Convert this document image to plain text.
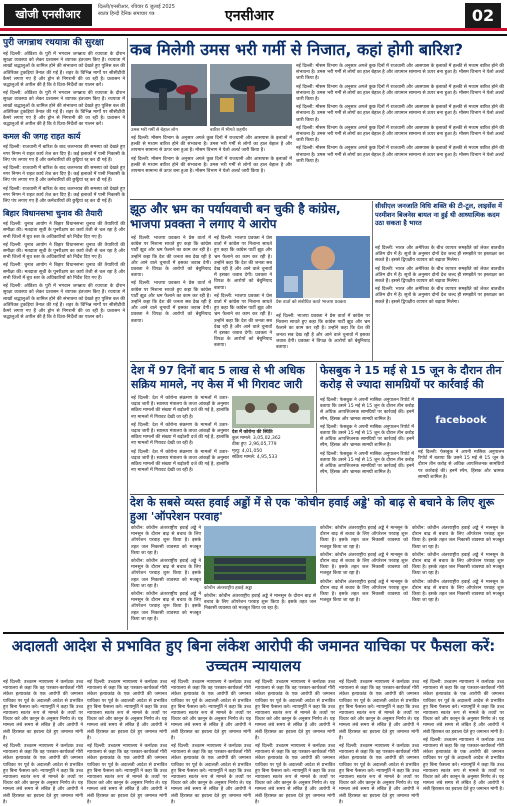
खोजी एनसीआर
दिल्ली/एनसीआर, रविवार 6 जुलाई 2025
स्वतंत्र हिन्दी दैनिक समाचार पत्र	एनसीआर	02
पुरी जगन्नाथ रथयात्रा की सुरक्षा

नई दिल्ली: ओडिशा के पुरी में भगवान जगन्नाथ की रथयात्रा के दौरान सुरक्षा व्यवस्था को लेकर प्रशासन ने व्यापक इंतजाम किए हैं। रथयात्रा में लाखों श्रद्धालुओं के शामिल होने की संभावना को देखते हुए पुलिस बल की अतिरिक्त टुकड़ियां तैनात की गई हैं। शहर के विभिन्न मार्गों पर सीसीटीवी कैमरे लगाए गए हैं और ड्रोन से निगरानी की जा रही है। प्रशासन ने श्रद्धालुओं से अपील की है कि वे दिशा-निर्देशों का पालन करें।

नई दिल्ली: ओडिशा के पुरी में भगवान जगन्नाथ की रथयात्रा के दौरान सुरक्षा व्यवस्था को लेकर प्रशासन ने व्यापक इंतजाम किए हैं। रथयात्रा में लाखों श्रद्धालुओं के शामिल होने की संभावना को देखते हुए पुलिस बल की अतिरिक्त टुकड़ियां तैनात की गई हैं। शहर के विभिन्न मार्गों पर सीसीटीवी कैमरे लगाए गए हैं और ड्रोन से निगरानी की जा रही है। प्रशासन ने श्रद्धालुओं से अपील की है कि वे दिशा-निर्देशों का पालन करें।

कमल की जगह राहत कार्य

नई दिल्ली: राजधानी में बारिश के बाद जलभराव की समस्या को देखते हुए नगर निगम ने राहत कार्य तेज कर दिए हैं। कई इलाकों में पानी निकासी के लिए पंप लगाए गए हैं और कर्मचारियों की छुट्टियां रद्द कर दी गई हैं।

नई दिल्ली: राजधानी में बारिश के बाद जलभराव की समस्या को देखते हुए नगर निगम ने राहत कार्य तेज कर दिए हैं। कई इलाकों में पानी निकासी के लिए पंप लगाए गए हैं और कर्मचारियों की छुट्टियां रद्द कर दी गई हैं।

नई दिल्ली: राजधानी में बारिश के बाद जलभराव की समस्या को देखते हुए नगर निगम ने राहत कार्य तेज कर दिए हैं। कई इलाकों में पानी निकासी के लिए पंप लगाए गए हैं और कर्मचारियों की छुट्टियां रद्द कर दी गई हैं।

बिहार विधानसभा चुनाव की तैयारी

नई दिल्ली: चुनाव आयोग ने बिहार विधानसभा चुनाव की तैयारियों की समीक्षा की। मतदाता सूची के पुनरीक्षण का कार्य तेजी से चल रहा है और सभी जिलों में बूथ स्तर के अधिकारियों को निर्देश दिए गए हैं।

नई दिल्ली: चुनाव आयोग ने बिहार विधानसभा चुनाव की तैयारियों की समीक्षा की। मतदाता सूची के पुनरीक्षण का कार्य तेजी से चल रहा है और सभी जिलों में बूथ स्तर के अधिकारियों को निर्देश दिए गए हैं।

नई दिल्ली: चुनाव आयोग ने बिहार विधानसभा चुनाव की तैयारियों की समीक्षा की। मतदाता सूची के पुनरीक्षण का कार्य तेजी से चल रहा है और सभी जिलों में बूथ स्तर के अधिकारियों को निर्देश दिए गए हैं।

नई दिल्ली: ओडिशा के पुरी में भगवान जगन्नाथ की रथयात्रा के दौरान सुरक्षा व्यवस्था को लेकर प्रशासन ने व्यापक इंतजाम किए हैं। रथयात्रा में लाखों श्रद्धालुओं के शामिल होने की संभावना को देखते हुए पुलिस बल की अतिरिक्त टुकड़ियां तैनात की गई हैं। शहर के विभिन्न मार्गों पर सीसीटीवी कैमरे लगाए गए हैं और ड्रोन से निगरानी की जा रही है। प्रशासन ने श्रद्धालुओं से अपील की है कि वे दिशा-निर्देशों का पालन करें।

कब मिलेगी उमस भरी गर्मी से निजात, कहां होगी बारिश?
उमस भरी गर्मी से बेहाल लोग	बारिश में भीगते राहगीर

नई दिल्ली: मौसम विभाग के अनुसार अगले कुछ दिनों में राजधानी और आसपास के इलाकों में हल्की से मध्यम बारिश होने की संभावना है। उमस भरी गर्मी से लोगों का हाल बेहाल है और तापमान सामान्य से ऊपर बना हुआ है। मौसम विभाग ने येलो अलर्ट जारी किया है।

नई दिल्ली: मौसम विभाग के अनुसार अगले कुछ दिनों में राजधानी और आसपास के इलाकों में हल्की से मध्यम बारिश होने की संभावना है। उमस भरी गर्मी से लोगों का हाल बेहाल है और तापमान सामान्य से ऊपर बना हुआ है। मौसम विभाग ने येलो अलर्ट जारी किया है।

नई दिल्ली: मौसम विभाग के अनुसार अगले कुछ दिनों में राजधानी और आसपास के इलाकों में हल्की से मध्यम बारिश होने की संभावना है। उमस भरी गर्मी से लोगों का हाल बेहाल है और तापमान सामान्य से ऊपर बना हुआ है। मौसम विभाग ने येलो अलर्ट जारी किया है।

नई दिल्ली: मौसम विभाग के अनुसार अगले कुछ दिनों में राजधानी और आसपास के इलाकों में हल्की से मध्यम बारिश होने की संभावना है। उमस भरी गर्मी से लोगों का हाल बेहाल है और तापमान सामान्य से ऊपर बना हुआ है। मौसम विभाग ने येलो अलर्ट जारी किया है।

नई दिल्ली: मौसम विभाग के अनुसार अगले कुछ दिनों में राजधानी और आसपास के इलाकों में हल्की से मध्यम बारिश होने की संभावना है। उमस भरी गर्मी से लोगों का हाल बेहाल है और तापमान सामान्य से ऊपर बना हुआ है। मौसम विभाग ने येलो अलर्ट जारी किया है।

नई दिल्ली: मौसम विभाग के अनुसार अगले कुछ दिनों में राजधानी और आसपास के इलाकों में हल्की से मध्यम बारिश होने की संभावना है। उमस भरी गर्मी से लोगों का हाल बेहाल है और तापमान सामान्य से ऊपर बना हुआ है। मौसम विभाग ने येलो अलर्ट जारी किया है।

नई दिल्ली: मौसम विभाग के अनुसार अगले कुछ दिनों में राजधानी और आसपास के इलाकों में हल्की से मध्यम बारिश होने की संभावना है। उमस भरी गर्मी से लोगों का हाल बेहाल है और तापमान सामान्य से ऊपर बना हुआ है। मौसम विभाग ने येलो अलर्ट जारी किया है।

झूठ और भ्रम का पर्यायवाची बन चुकी है कांग्रेस, भाजपा प्रवक्ता ने लगाए ये आरोप

नई दिल्ली: भाजपा प्रवक्ता ने प्रेस वार्ता में कांग्रेस पर निशाना साधते हुए कहा कि कांग्रेस पार्टी झूठ और भ्रम फैलाने का काम कर रही है। उन्होंने कहा कि देश की जनता सब देख रही है और आने वाले चुनावों में इसका जवाब देगी। प्रवक्ता ने विपक्ष के आरोपों को बेबुनियाद बताया।

नई दिल्ली: भाजपा प्रवक्ता ने प्रेस वार्ता में कांग्रेस पर निशाना साधते हुए कहा कि कांग्रेस पार्टी झूठ और भ्रम फैलाने का काम कर रही है। उन्होंने कहा कि देश की जनता सब देख रही है और आने वाले चुनावों में इसका जवाब देगी। प्रवक्ता ने विपक्ष के आरोपों को बेबुनियाद बताया।

नई दिल्ली: भाजपा प्रवक्ता ने प्रेस वार्ता में कांग्रेस पर निशाना साधते हुए कहा कि कांग्रेस पार्टी झूठ और भ्रम फैलाने का काम कर रही है। उन्होंने कहा कि देश की जनता सब देख रही है और आने वाले चुनावों में इसका जवाब देगी। प्रवक्ता ने विपक्ष के आरोपों को बेबुनियाद बताया।

नई दिल्ली: भाजपा प्रवक्ता ने प्रेस वार्ता में कांग्रेस पर निशाना साधते हुए कहा कि कांग्रेस पार्टी झूठ और भ्रम फैलाने का काम कर रही है। उन्होंने कहा कि देश की जनता सब देख रही है और आने वाले चुनावों में इसका जवाब देगी। प्रवक्ता ने विपक्ष के आरोपों को बेबुनियाद बताया।

प्रेस वार्ता को संबोधित करते भाजपा प्रवक्ता

नई दिल्ली: भाजपा प्रवक्ता ने प्रेस वार्ता में कांग्रेस पर निशाना साधते हुए कहा कि कांग्रेस पार्टी झूठ और भ्रम फैलाने का काम कर रही है। उन्होंने कहा कि देश की जनता सब देख रही है और आने वाले चुनावों में इसका जवाब देगी। प्रवक्ता ने विपक्ष के आरोपों को बेबुनियाद बताया।

सीसीएल जनजाति विधि शक्ति की टी-टूल, लाइसेंस में परमीशन बिजनेस बायल ना हुई थी आध्यात्मिक कदम उठा सकता है भारत

नई दिल्ली: भारत और अमेरिका के बीच व्यापार समझौते को लेकर बातचीत अंतिम दौर में है। सूत्रों के अनुसार दोनों देश जल्द ही समझौते पर हस्ताक्षर कर सकते हैं। इससे द्विपक्षीय व्यापार को बढ़ावा मिलेगा।

नई दिल्ली: भारत और अमेरिका के बीच व्यापार समझौते को लेकर बातचीत अंतिम दौर में है। सूत्रों के अनुसार दोनों देश जल्द ही समझौते पर हस्ताक्षर कर सकते हैं। इससे द्विपक्षीय व्यापार को बढ़ावा मिलेगा।

नई दिल्ली: भारत और अमेरिका के बीच व्यापार समझौते को लेकर बातचीत अंतिम दौर में है। सूत्रों के अनुसार दोनों देश जल्द ही समझौते पर हस्ताक्षर कर सकते हैं। इससे द्विपक्षीय व्यापार को बढ़ावा मिलेगा।

देश में 97 दिनों बाद 5 लाख से भी अधिक सक्रिय मामले, नए केस में भी गिरावट जारी

नई दिल्ली: देश में कोरोना संक्रमण के मामलों में उतार-चढ़ाव जारी है। स्वास्थ्य मंत्रालय के ताजा आंकड़ों के अनुसार सक्रिय मामलों की संख्या में बढ़ोतरी दर्ज की गई है, हालांकि नए मामलों में गिरावट देखी जा रही है।

नई दिल्ली: देश में कोरोना संक्रमण के मामलों में उतार-चढ़ाव जारी है। स्वास्थ्य मंत्रालय के ताजा आंकड़ों के अनुसार सक्रिय मामलों की संख्या में बढ़ोतरी दर्ज की गई है, हालांकि नए मामलों में गिरावट देखी जा रही है।

नई दिल्ली: देश में कोरोना संक्रमण के मामलों में उतार-चढ़ाव जारी है। स्वास्थ्य मंत्रालय के ताजा आंकड़ों के अनुसार सक्रिय मामलों की संख्या में बढ़ोतरी दर्ज की गई है, हालांकि नए मामलों में गिरावट देखी जा रही है।

देश में कोरोना की स्थिति
कुल मामले: 3,05,02,362
ठीक हुए: 2,96,05,779
मृत्यु: 4,01,050
सक्रिय मामले: 4,95,533
फेसबुक ने 15 मई से 15 जून के दौरान तीन करोड़ से ज्यादा सामग्रियों पर कार्रवाई की

नई दिल्ली: फेसबुक ने अपनी मासिक अनुपालन रिपोर्ट में बताया कि उसने 15 मई से 15 जून के दौरान तीन करोड़ से अधिक आपत्तिजनक सामग्रियों पर कार्रवाई की। इनमें स्पैम, हिंसक और भ्रामक सामग्री शामिल है।

नई दिल्ली: फेसबुक ने अपनी मासिक अनुपालन रिपोर्ट में बताया कि उसने 15 मई से 15 जून के दौरान तीन करोड़ से अधिक आपत्तिजनक सामग्रियों पर कार्रवाई की। इनमें स्पैम, हिंसक और भ्रामक सामग्री शामिल है।

नई दिल्ली: फेसबुक ने अपनी मासिक अनुपालन रिपोर्ट में बताया कि उसने 15 मई से 15 जून के दौरान तीन करोड़ से अधिक आपत्तिजनक सामग्रियों पर कार्रवाई की। इनमें स्पैम, हिंसक और भ्रामक सामग्री शामिल है।

facebook

नई दिल्ली: फेसबुक ने अपनी मासिक अनुपालन रिपोर्ट में बताया कि उसने 15 मई से 15 जून के दौरान तीन करोड़ से अधिक आपत्तिजनक सामग्रियों पर कार्रवाई की। इनमें स्पैम, हिंसक और भ्रामक सामग्री शामिल है।

देश के सबसे व्यस्त हवाई अड्डों में से एक 'कोचीन हवाई अड्डे' को बाढ़ से बचाने के लिए शुरू हुआ 'ऑपरेशन परवाह'

कोचीन: कोचीन अंतरराष्ट्रीय हवाई अड्डे ने मानसून के दौरान बाढ़ से बचाव के लिए ऑपरेशन परवाह शुरू किया है। इसके तहत जल निकासी व्यवस्था को मजबूत किया जा रहा है।

कोचीन: कोचीन अंतरराष्ट्रीय हवाई अड्डे ने मानसून के दौरान बाढ़ से बचाव के लिए ऑपरेशन परवाह शुरू किया है। इसके तहत जल निकासी व्यवस्था को मजबूत किया जा रहा है।

कोचीन: कोचीन अंतरराष्ट्रीय हवाई अड्डे ने मानसून के दौरान बाढ़ से बचाव के लिए ऑपरेशन परवाह शुरू किया है। इसके तहत जल निकासी व्यवस्था को मजबूत किया जा रहा है।

कोचीन अंतरराष्ट्रीय हवाई अड्डा

कोचीन: कोचीन अंतरराष्ट्रीय हवाई अड्डे ने मानसून के दौरान बाढ़ से बचाव के लिए ऑपरेशन परवाह शुरू किया है। इसके तहत जल निकासी व्यवस्था को मजबूत किया जा रहा है।

कोचीन: कोचीन अंतरराष्ट्रीय हवाई अड्डे ने मानसून के दौरान बाढ़ से बचाव के लिए ऑपरेशन परवाह शुरू किया है। इसके तहत जल निकासी व्यवस्था को मजबूत किया जा रहा है।

कोचीन: कोचीन अंतरराष्ट्रीय हवाई अड्डे ने मानसून के दौरान बाढ़ से बचाव के लिए ऑपरेशन परवाह शुरू किया है। इसके तहत जल निकासी व्यवस्था को मजबूत किया जा रहा है।

कोचीन: कोचीन अंतरराष्ट्रीय हवाई अड्डे ने मानसून के दौरान बाढ़ से बचाव के लिए ऑपरेशन परवाह शुरू किया है। इसके तहत जल निकासी व्यवस्था को मजबूत किया जा रहा है।

कोचीन: कोचीन अंतरराष्ट्रीय हवाई अड्डे ने मानसून के दौरान बाढ़ से बचाव के लिए ऑपरेशन परवाह शुरू किया है। इसके तहत जल निकासी व्यवस्था को मजबूत किया जा रहा है।

कोचीन: कोचीन अंतरराष्ट्रीय हवाई अड्डे ने मानसून के दौरान बाढ़ से बचाव के लिए ऑपरेशन परवाह शुरू किया है। इसके तहत जल निकासी व्यवस्था को मजबूत किया जा रहा है।

कोचीन: कोचीन अंतरराष्ट्रीय हवाई अड्डे ने मानसून के दौरान बाढ़ से बचाव के लिए ऑपरेशन परवाह शुरू किया है। इसके तहत जल निकासी व्यवस्था को मजबूत किया जा रहा है।

अदालती आदेश से प्रभावित हुए बिना लंकेश आरोपी की जमानत याचिका पर फैसला करें: उच्चतम न्यायालय

नई दिल्ली: उच्चतम न्यायालय ने कर्नाटक उच्च न्यायालय से कहा कि वह पत्रकार-कार्यकर्ता गौरी लंकेश हत्याकांड के एक आरोपी की जमानत याचिका पर पूर्व के अदालती आदेश से प्रभावित हुए बिना फैसला करे। न्यायमूर्ति ने कहा कि उच्च न्यायालय स्वतंत्र रूप से मामले के तथ्यों पर विचार करे और कानून के अनुसार निर्णय ले। यह मामला लंबे समय से लंबित है और आरोपी ने लंबी हिरासत का हवाला देते हुए जमानत मांगी है।

नई दिल्ली: उच्चतम न्यायालय ने कर्नाटक उच्च न्यायालय से कहा कि वह पत्रकार-कार्यकर्ता गौरी लंकेश हत्याकांड के एक आरोपी की जमानत याचिका पर पूर्व के अदालती आदेश से प्रभावित हुए बिना फैसला करे। न्यायमूर्ति ने कहा कि उच्च न्यायालय स्वतंत्र रूप से मामले के तथ्यों पर विचार करे और कानून के अनुसार निर्णय ले। यह मामला लंबे समय से लंबित है और आरोपी ने लंबी हिरासत का हवाला देते हुए जमानत मांगी है।

नई दिल्ली: उच्चतम न्यायालय ने कर्नाटक उच्च न्यायालय से कहा कि वह पत्रकार-कार्यकर्ता गौरी लंकेश हत्याकांड के एक आरोपी की जमानत याचिका पर पूर्व के अदालती आदेश से प्रभावित हुए बिना फैसला करे। न्यायमूर्ति ने कहा कि उच्च न्यायालय स्वतंत्र रूप से मामले के तथ्यों पर विचार करे और कानून के अनुसार निर्णय ले। यह मामला लंबे समय से लंबित है और आरोपी ने लंबी हिरासत का हवाला देते हुए जमानत मांगी है।

नई दिल्ली: उच्चतम न्यायालय ने कर्नाटक उच्च न्यायालय से कहा कि वह पत्रकार-कार्यकर्ता गौरी लंकेश हत्याकांड के एक आरोपी की जमानत याचिका पर पूर्व के अदालती आदेश से प्रभावित हुए बिना फैसला करे। न्यायमूर्ति ने कहा कि उच्च न्यायालय स्वतंत्र रूप से मामले के तथ्यों पर विचार करे और कानून के अनुसार निर्णय ले। यह मामला लंबे समय से लंबित है और आरोपी ने लंबी हिरासत का हवाला देते हुए जमानत मांगी है।

नई दिल्ली: उच्चतम न्यायालय ने कर्नाटक उच्च न्यायालय से कहा कि वह पत्रकार-कार्यकर्ता गौरी लंकेश हत्याकांड के एक आरोपी की जमानत याचिका पर पूर्व के अदालती आदेश से प्रभावित हुए बिना फैसला करे। न्यायमूर्ति ने कहा कि उच्च न्यायालय स्वतंत्र रूप से मामले के तथ्यों पर विचार करे और कानून के अनुसार निर्णय ले। यह मामला लंबे समय से लंबित है और आरोपी ने लंबी हिरासत का हवाला देते हुए जमानत मांगी है।

नई दिल्ली: उच्चतम न्यायालय ने कर्नाटक उच्च न्यायालय से कहा कि वह पत्रकार-कार्यकर्ता गौरी लंकेश हत्याकांड के एक आरोपी की जमानत याचिका पर पूर्व के अदालती आदेश से प्रभावित हुए बिना फैसला करे। न्यायमूर्ति ने कहा कि उच्च न्यायालय स्वतंत्र रूप से मामले के तथ्यों पर विचार करे और कानून के अनुसार निर्णय ले। यह मामला लंबे समय से लंबित है और आरोपी ने लंबी हिरासत का हवाला देते हुए जमानत मांगी है।

नई दिल्ली: उच्चतम न्यायालय ने कर्नाटक उच्च न्यायालय से कहा कि वह पत्रकार-कार्यकर्ता गौरी लंकेश हत्याकांड के एक आरोपी की जमानत याचिका पर पूर्व के अदालती आदेश से प्रभावित हुए बिना फैसला करे। न्यायमूर्ति ने कहा कि उच्च न्यायालय स्वतंत्र रूप से मामले के तथ्यों पर विचार करे और कानून के अनुसार निर्णय ले। यह मामला लंबे समय से लंबित है और आरोपी ने लंबी हिरासत का हवाला देते हुए जमानत मांगी है।

नई दिल्ली: उच्चतम न्यायालय ने कर्नाटक उच्च न्यायालय से कहा कि वह पत्रकार-कार्यकर्ता गौरी लंकेश हत्याकांड के एक आरोपी की जमानत याचिका पर पूर्व के अदालती आदेश से प्रभावित हुए बिना फैसला करे। न्यायमूर्ति ने कहा कि उच्च न्यायालय स्वतंत्र रूप से मामले के तथ्यों पर विचार करे और कानून के अनुसार निर्णय ले। यह मामला लंबे समय से लंबित है और आरोपी ने लंबी हिरासत का हवाला देते हुए जमानत मांगी है।

नई दिल्ली: उच्चतम न्यायालय ने कर्नाटक उच्च न्यायालय से कहा कि वह पत्रकार-कार्यकर्ता गौरी लंकेश हत्याकांड के एक आरोपी की जमानत याचिका पर पूर्व के अदालती आदेश से प्रभावित हुए बिना फैसला करे। न्यायमूर्ति ने कहा कि उच्च न्यायालय स्वतंत्र रूप से मामले के तथ्यों पर विचार करे और कानून के अनुसार निर्णय ले। यह मामला लंबे समय से लंबित है और आरोपी ने लंबी हिरासत का हवाला देते हुए जमानत मांगी है।

नई दिल्ली: उच्चतम न्यायालय ने कर्नाटक उच्च न्यायालय से कहा कि वह पत्रकार-कार्यकर्ता गौरी लंकेश हत्याकांड के एक आरोपी की जमानत याचिका पर पूर्व के अदालती आदेश से प्रभावित हुए बिना फैसला करे। न्यायमूर्ति ने कहा कि उच्च न्यायालय स्वतंत्र रूप से मामले के तथ्यों पर विचार करे और कानून के अनुसार निर्णय ले। यह मामला लंबे समय से लंबित है और आरोपी ने लंबी हिरासत का हवाला देते हुए जमानत मांगी है।

नई दिल्ली: उच्चतम न्यायालय ने कर्नाटक उच्च न्यायालय से कहा कि वह पत्रकार-कार्यकर्ता गौरी लंकेश हत्याकांड के एक आरोपी की जमानत याचिका पर पूर्व के अदालती आदेश से प्रभावित हुए बिना फैसला करे। न्यायमूर्ति ने कहा कि उच्च न्यायालय स्वतंत्र रूप से मामले के तथ्यों पर विचार करे और कानून के अनुसार निर्णय ले। यह मामला लंबे समय से लंबित है और आरोपी ने लंबी हिरासत का हवाला देते हुए जमानत मांगी है।

नई दिल्ली: उच्चतम न्यायालय ने कर्नाटक उच्च न्यायालय से कहा कि वह पत्रकार-कार्यकर्ता गौरी लंकेश हत्याकांड के एक आरोपी की जमानत याचिका पर पूर्व के अदालती आदेश से प्रभावित हुए बिना फैसला करे। न्यायमूर्ति ने कहा कि उच्च न्यायालय स्वतंत्र रूप से मामले के तथ्यों पर विचार करे और कानून के अनुसार निर्णय ले। यह मामला लंबे समय से लंबित है और आरोपी ने लंबी हिरासत का हवाला देते हुए जमानत मांगी है।
